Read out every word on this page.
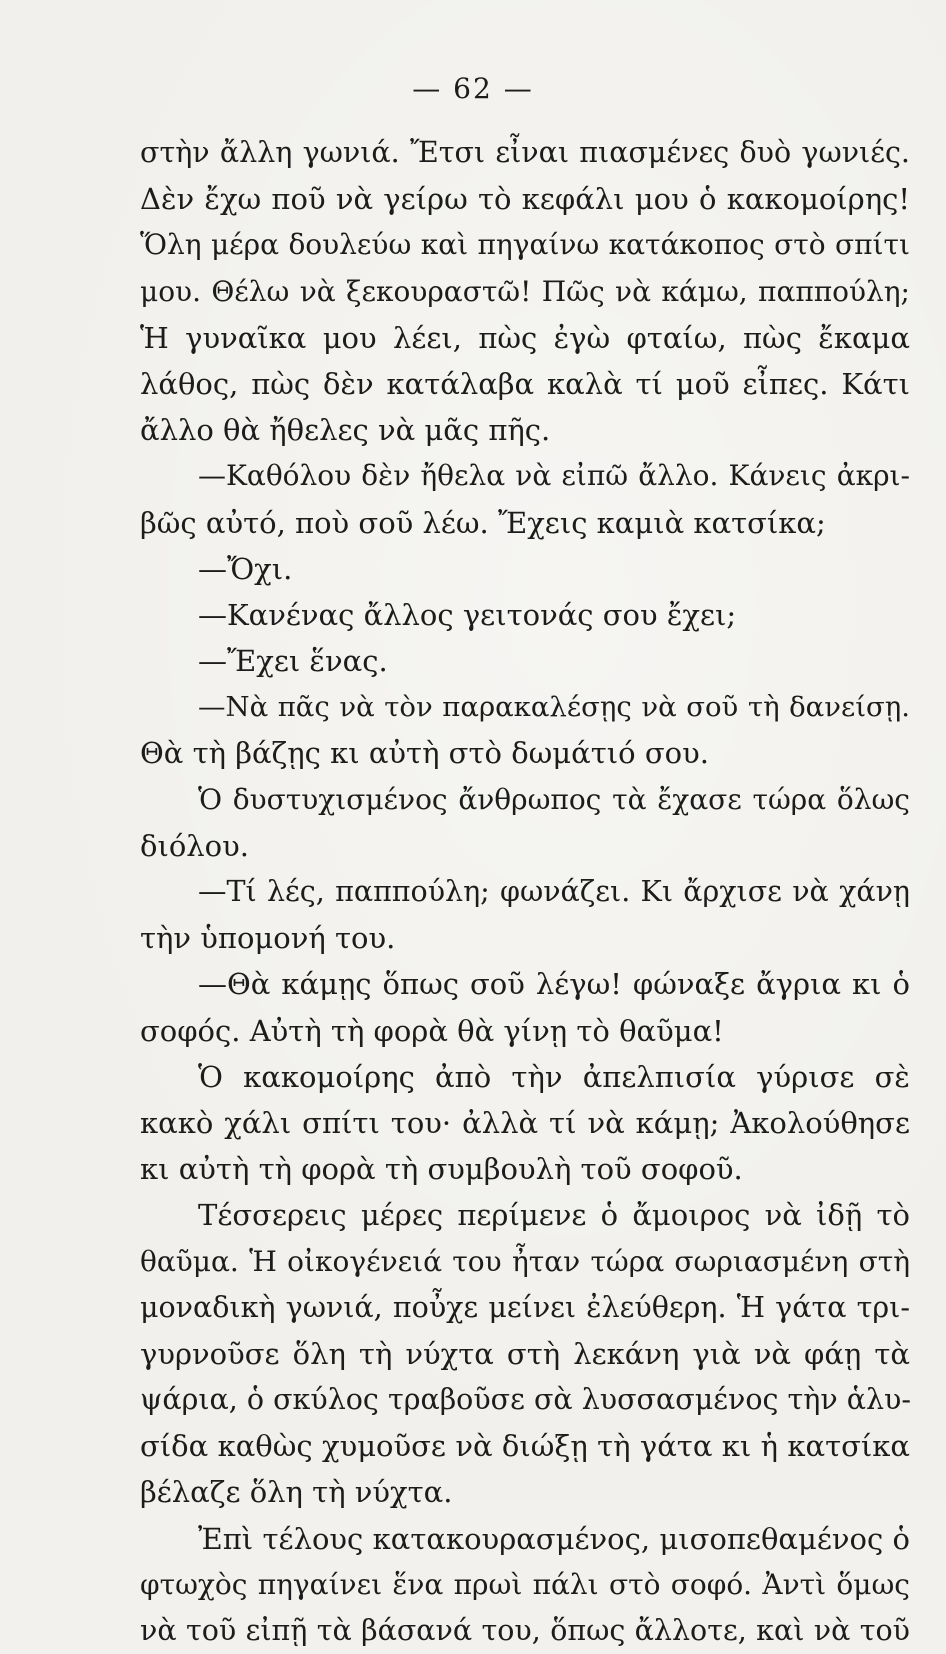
— 62 —
στὴν ἄλλη γωνιά. Ἔτσι εἶναι πιασμένες δυὸ γωνιές.
Δὲν ἔχω ποῦ νὰ γείρω τὸ κεφάλι μου ὁ κακομοίρης!
Ὅλη μέρα δουλεύω καὶ πηγαίνω κατάκοπος στὸ σπίτι
μου. Θέλω νὰ ξεκουραστῶ! Πῶς νὰ κάμω, παππούλη;
Ἡ γυναῖκα μου λέει, πὼς ἐγὼ φταίω, πὼς ἔκαμα
λάθος, πὼς δὲν κατάλαβα καλὰ τί μοῦ εἶπες. Κάτι
ἄλλο θὰ ἤθελες νὰ μᾶς πῆς.
—Καθόλου δὲν ἤθελα νὰ εἰπῶ ἄλλο. Κάνεις ἀκρι-
βῶς αὐτό, ποὺ σοῦ λέω. Ἔχεις καμιὰ κατσίκα;
—Ὄχι.
—Κανένας ἄλλος γειτονάς σου ἔχει;
—Ἔχει ἕνας.
—Νὰ πᾶς νὰ τὸν παρακαλέσῃς νὰ σοῦ τὴ δανείσῃ.
Θὰ τὴ βάζῃς κι αὐτὴ στὸ δωμάτιό σου.
Ὁ δυστυχισμένος ἄνθρωπος τὰ ἔχασε τώρα ὅλως
διόλου.
—Τί λές, παππούλη; φωνάζει. Κι ἄρχισε νὰ χάνῃ
τὴν ὑπομονή του.
—Θὰ κάμῃς ὅπως σοῦ λέγω! φώναξε ἄγρια κι ὁ
σοφός. Αὐτὴ τὴ φορὰ θὰ γίνῃ τὸ θαῦμα!
Ὁ κακομοίρης ἀπὸ τὴν ἀπελπισία γύρισε σὲ
κακὸ χάλι σπίτι του· ἀλλὰ τί νὰ κάμῃ; Ἀκολούθησε
κι αὐτὴ τὴ φορὰ τὴ συμβουλὴ τοῦ σοφοῦ.
Τέσσερεις μέρες περίμενε ὁ ἄμοιρος νὰ ἰδῇ τὸ
θαῦμα. Ἡ οἰκογένειά του ἦταν τώρα σωριασμένη στὴ
μοναδικὴ γωνιά, ποὖχε μείνει ἐλεύθερη. Ἡ γάτα τρι-
γυρνοῦσε ὅλη τὴ νύχτα στὴ λεκάνη γιὰ νὰ φάῃ τὰ
ψάρια, ὁ σκύλος τραβοῦσε σὰ λυσσασμένος τὴν ἁλυ-
σίδα καθὼς χυμοῦσε νὰ διώξῃ τὴ γάτα κι ἡ κατσίκα
βέλαζε ὅλη τὴ νύχτα.
Ἐπὶ τέλους κατακουρασμένος, μισοπεθαμένος ὁ
φτωχὸς πηγαίνει ἕνα πρωὶ πάλι στὸ σοφό. Ἀντὶ ὅμως
νὰ τοῦ εἰπῇ τὰ βάσανά του, ὅπως ἄλλοτε, καὶ νὰ τοῦ
